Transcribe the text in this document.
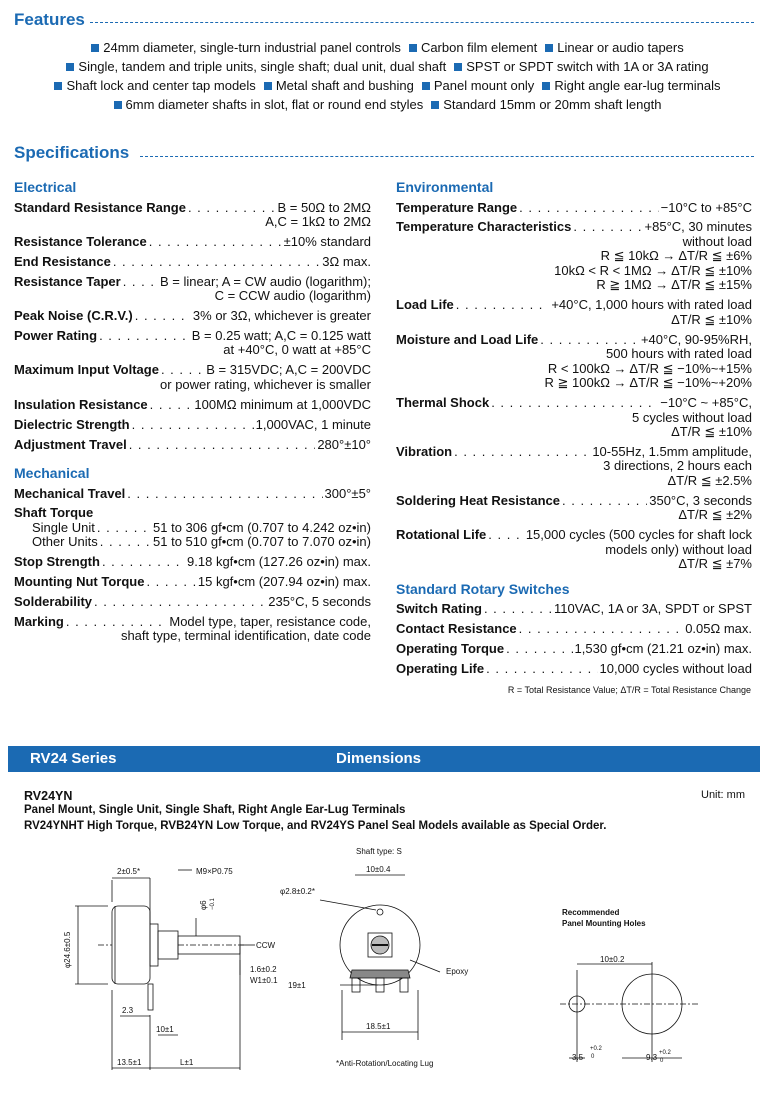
Features
24mm diameter, single-turn industrial panel controls Carbon film element Linear or audio tapers
Single, tandem and triple units, single shaft; dual unit, dual shaft SPST or SPDT switch with 1A or 3A rating
Shaft lock and center tap models Metal shaft and bushing Panel mount only Right angle ear-lug terminals
6mm diameter shafts in slot, flat or round end styles Standard 15mm or 20mm shaft length
Specifications
Electrical
Standard Resistance Range . . .	B = 50Ω to 2MΩ
A,C = 1kΩ to 2MΩ
Resistance Tolerance . . .	±10% standard
End Resistance . . .	3Ω max.
Resistance Taper . . .	B = linear; A = CW audio (logarithm);
C = CCW audio (logarithm)
Peak Noise (C.R.V.) . . .	3% or 3Ω, whichever is greater
Power Rating . . .	B = 0.25 watt; A,C = 0.125 watt
at +40°C, 0 watt at +85°C
Maximum Input Voltage . . .	B = 315VDC; A,C = 200VDC
or power rating, whichever is smaller
Insulation Resistance . . .	100MΩ minimum at 1,000VDC
Dielectric Strength . . .	1,000VAC, 1 minute
Adjustment Travel . . .	280°±10°
Mechanical
Mechanical Travel . . .	300°±5°
Shaft Torque
Single Unit . . .	51 to 306 gf•cm (0.707 to 4.242 oz•in)
Other Units . . .	51 to 510 gf•cm (0.707 to 7.070 oz•in)
Stop Strength . . .	9.18 kgf•cm (127.26 oz•in) max.
Mounting Nut Torque . . .	15 kgf•cm (207.94 oz•in) max.
Solderability . . .	235°C, 5 seconds
Marking . . .	Model type, taper, resistance code,
shaft type, terminal identification, date code
Environmental
Temperature Range . . .	−10°C to +85°C
Temperature Characteristics . . .	+85°C, 30 minutes
without load
R ≦ 10kΩ → ΔT/R ≦ ±6%
10kΩ < R < 1MΩ → ΔT/R ≦ ±10%
R ≧ 1MΩ → ΔT/R ≦ ±15%
Load Life . . .	+40°C, 1,000 hours with rated load
ΔT/R ≦ ±10%
Moisture and Load Life . . .	+40°C, 90-95%RH,
500 hours with rated load
R < 100kΩ → ΔT/R ≦ −10%~+15%
R ≧ 100kΩ → ΔT/R ≦ −10%~+20%
Thermal Shock . . .	−10°C ~ +85°C,
5 cycles without load
ΔT/R ≦ ±10%
Vibration . . .	10-55Hz, 1.5mm amplitude,
3 directions, 2 hours each
ΔT/R ≦ ±2.5%
Soldering Heat Resistance . . .	350°C, 3 seconds
ΔT/R ≦ ±2%
Rotational Life . . .	15,000 cycles (500 cycles for shaft lock
models only) without load
ΔT/R ≦ ±7%
Standard Rotary Switches
Switch Rating . . .	110VAC, 1A or 3A, SPDT or SPST
Contact Resistance . . .	0.05Ω max.
Operating Torque . . .	1,530 gf•cm (21.21 oz•in) max.
Operating Life . . .	10,000 cycles without load
R = Total Resistance Value; ΔT/R = Total Resistance Change
RV24 Series	Dimensions
RV24YN	Unit: mm
Panel Mount, Single Unit, Single Shaft, Right Angle Ear-Lug Terminals
RV24YNHT High Torque, RVB24YN Low Torque, and RV24YS Panel Seal Models available as Special Order.
2±0.5*	M9×P0.75
φ6 −0.1
φ24.6±0.5	CCW
1.6±0.2
W1±0.1
2.3
10±1
13.5±1	L±1
Shaft type: S
10±0.4
φ2.8±0.2*
Epoxy
19±1
18.5±1
*Anti-Rotation/Locating Lug
Recommended
Panel Mounting Holes
10±0.2
3.5
+0.2
0	9.3 +0.2
0
